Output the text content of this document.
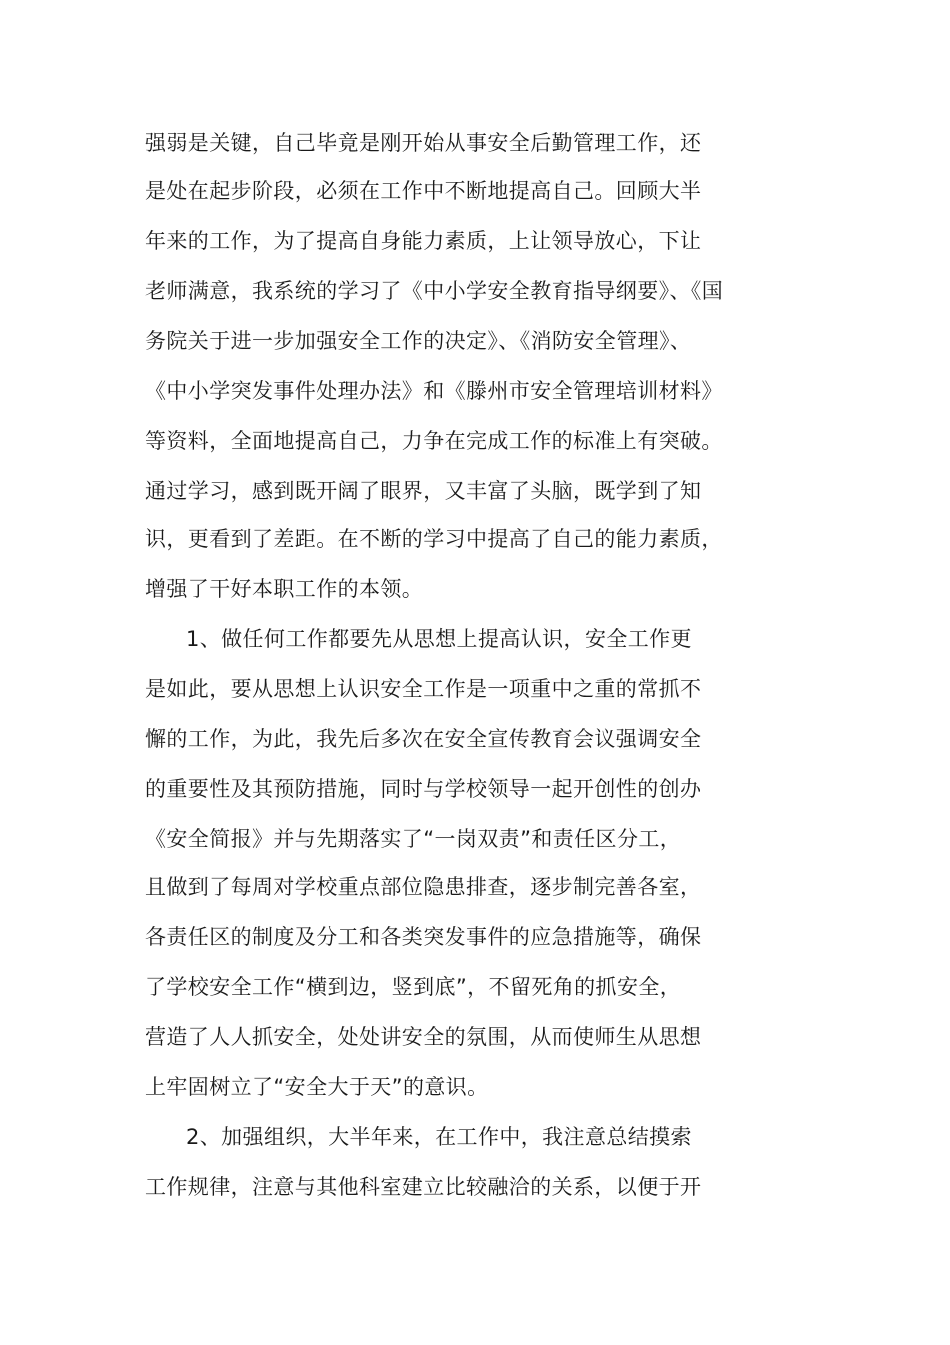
强弱是关键，自己毕竟是刚开始从事安全后勤管理工作，还
是处在起步阶段，必须在工作中不断地提高自己。回顾大半
年来的工作，为了提高自身能力素质，上让领导放心，下让
老师满意，我系统的学习了《中小学安全教育指导纲要》、《国
务院关于进一步加强安全工作的决定》、《消防安全管理》、
《中小学突发事件处理办法》和《滕州市安全管理培训材料》
等资料，全面地提高自己，力争在完成工作的标准上有突破。
通过学习，感到既开阔了眼界，又丰富了头脑，既学到了知
识，更看到了差距。在不断的学习中提高了自己的能力素质，
增强了干好本职工作的本领。
1、做任何工作都要先从思想上提高认识，安全工作更
是如此，要从思想上认识安全工作是一项重中之重的常抓不
懈的工作，为此，我先后多次在安全宣传教育会议强调安全
的重要性及其预防措施，同时与学校领导一起开创性的创办
《安全简报》并与先期落实了“一岗双责”和责任区分工，
且做到了每周对学校重点部位隐患排查，逐步制完善各室，
各责任区的制度及分工和各类突发事件的应急措施等，确保
了学校安全工作“横到边，竖到底”，不留死角的抓安全，
营造了人人抓安全，处处讲安全的氛围，从而使师生从思想
上牢固树立了“安全大于天”的意识。
2、加强组织，大半年来，在工作中，我注意总结摸索
工作规律，注意与其他科室建立比较融洽的关系，以便于开
